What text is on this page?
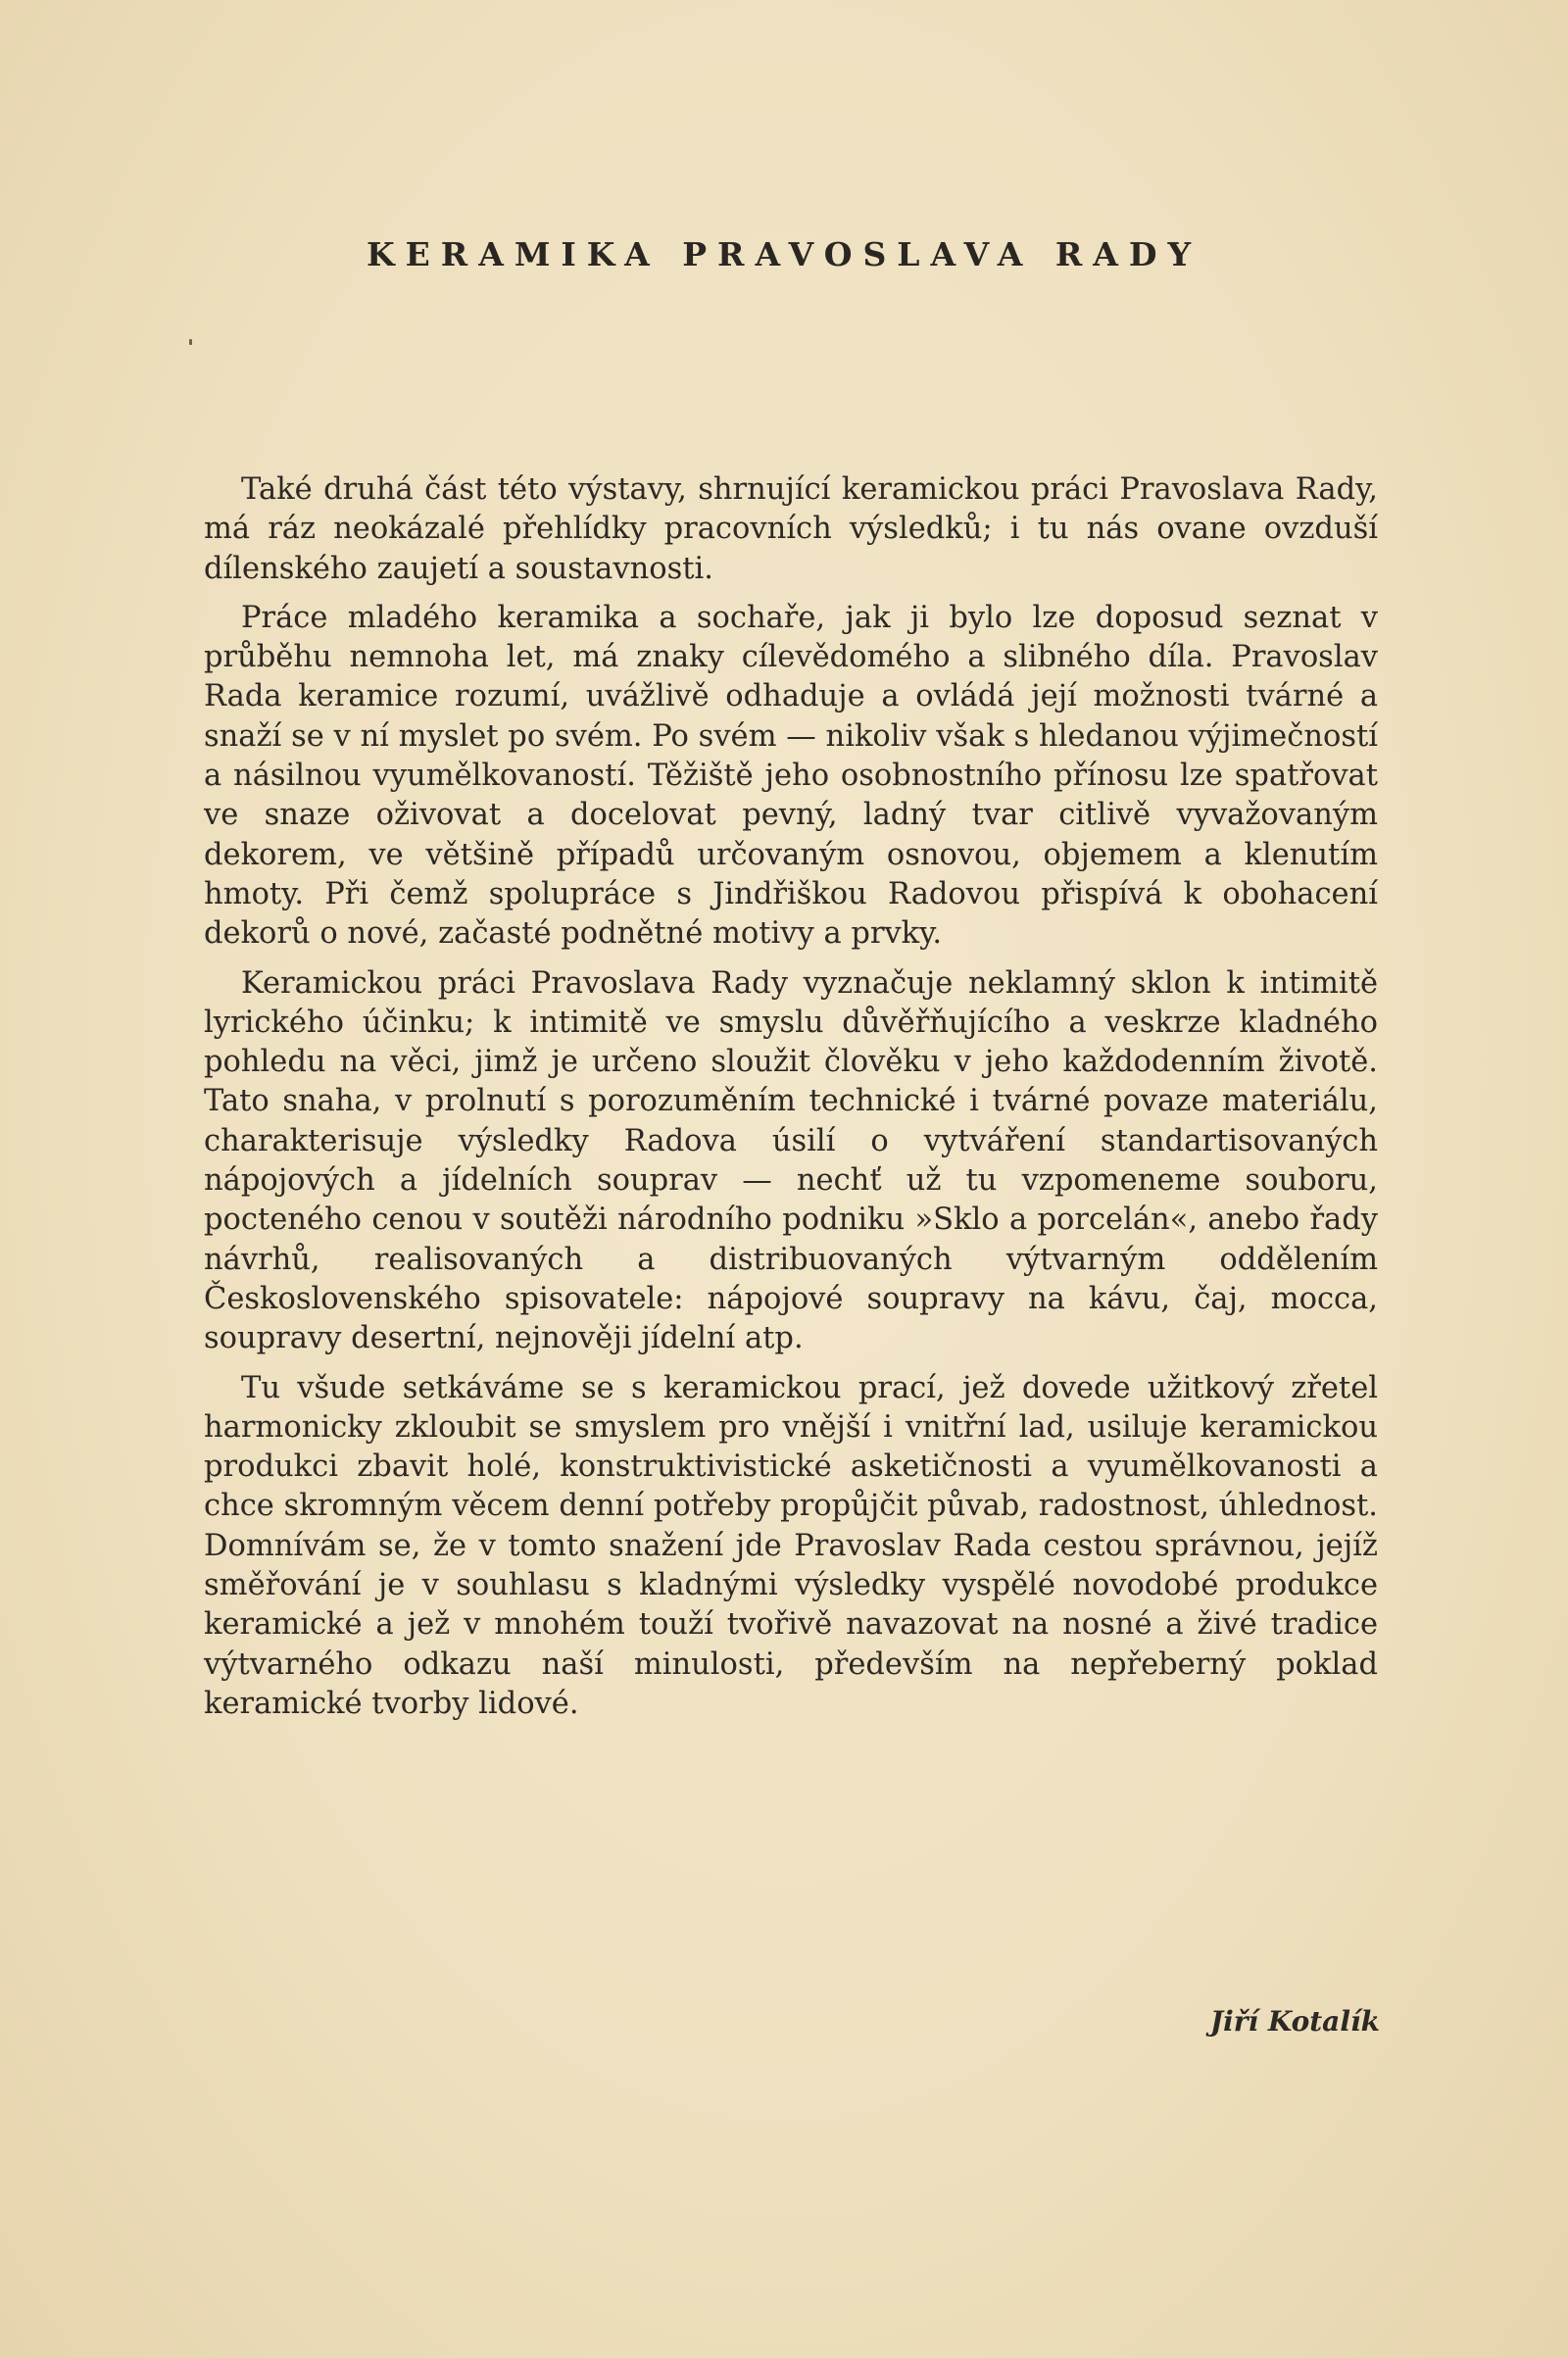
KERAMIKA PRAVOSLAVA RADY

Také druhá část této výstavy, shrnující keramickou práci Pravoslava Rady, má ráz neokázalé přehlídky pracovních výsledků; i tu nás ovane ovzduší dílenského zaujetí a soustavnosti.

Práce mladého keramika a sochaře, jak ji bylo lze doposud seznat v průběhu nemnoha let, má znaky cílevědomého a slibného díla. Pravoslav Rada keramice rozumí, uvážlivě odhaduje a ovládá její možnosti tvárné a snaží se v ní myslet po svém. Po svém — nikoliv však s hledanou výjimečností a násilnou vyumělkovaností. Těžiště jeho osobnostního přínosu lze spatřovat ve snaze oživovat a docelovat pevný, ladný tvar citlivě vyvažovaným dekorem, ve většině případů určovaným osnovou, objemem a klenutím hmoty. Při čemž spolupráce s Jindřiškou Radovou přispívá k obohacení dekorů o nové, začasté podnětné motivy a prvky.

Keramickou práci Pravoslava Rady vyznačuje neklamný sklon k intimitě lyrického účinku; k intimitě ve smyslu důvěřňujícího a veskrze kladného pohledu na věci, jimž je určeno sloužit člověku v jeho každodenním životě. Tato snaha, v prolnutí s porozuměním technické i tvárné povaze materiálu, charakterisuje výsledky Radova úsilí o vytváření standartisovaných nápojových a jídelních souprav — nechť už tu vzpomeneme souboru, pocteného cenou v soutěži národního podniku »Sklo a porcelán«, anebo řady návrhů, realisovaných a distribuovaných výtvarným oddělením Československého spisovatele: nápojové soupravy na kávu, čaj, mocca, soupravy desertní, nejnověji jídelní atp.

Tu všude setkáváme se s keramickou prací, jež dovede užitkový zřetel harmonicky zkloubit se smyslem pro vnější i vnitřní lad, usiluje keramickou produkci zbavit holé, konstruktivistické asketičnosti a vyumělkovanosti a chce skromným věcem denní potřeby propůjčit půvab, radostnost, úhlednost. Domnívám se, že v tomto snažení jde Pravoslav Rada cestou správnou, jejíž směřování je v souhlasu s kladnými výsledky vyspělé novodobé produkce keramické a jež v mnohém touží tvořivě navazovat na nosné a živé tradice výtvarného odkazu naší minulosti, především na nepřeberný poklad keramické tvorby lidové.

Jiří Kotalík
